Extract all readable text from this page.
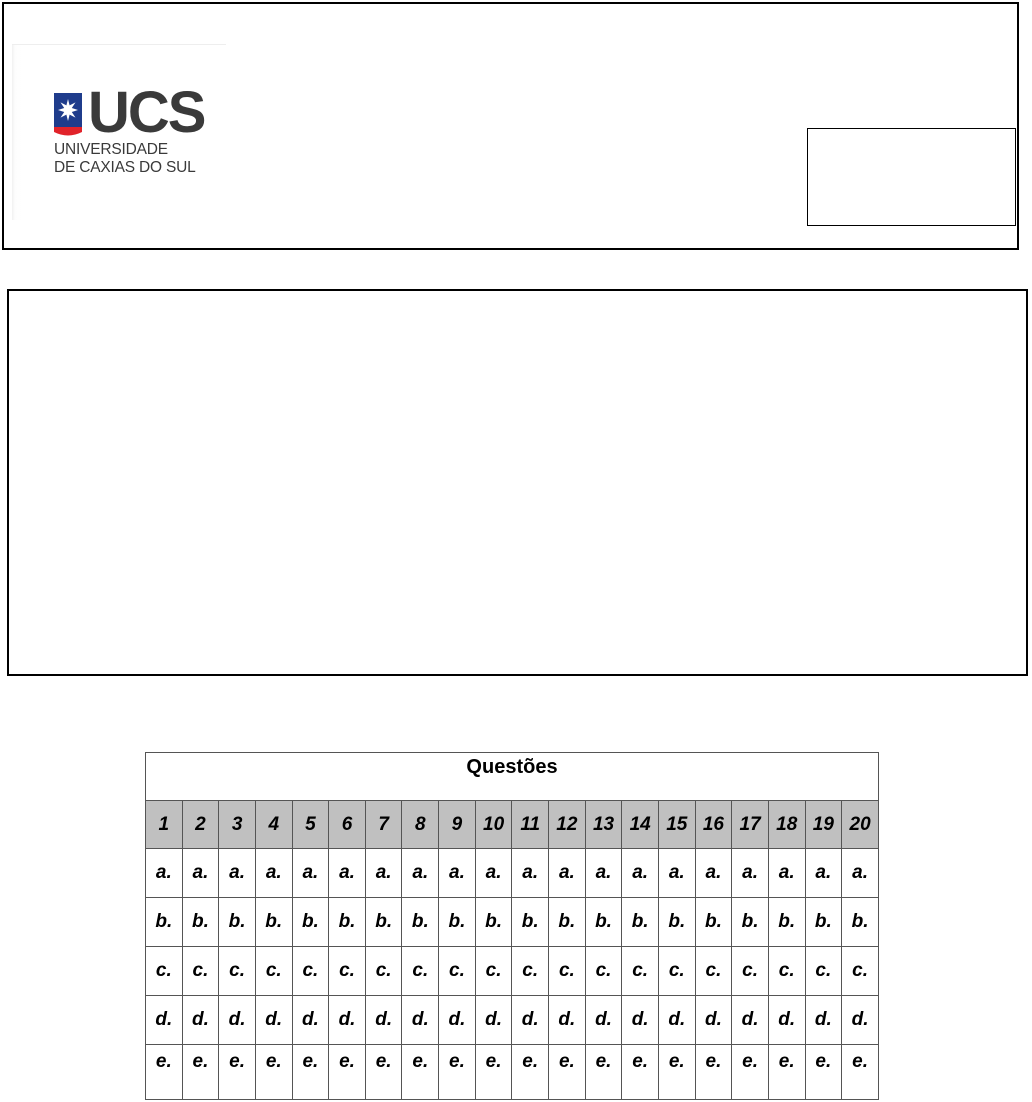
UCS
UNIVERSIDADE
DE CAXIAS DO SUL
Questões																			
1	2	3	4	5	6	7	8	9	10	11	12	13	14	15	16	17	18	19	20
a.	a.	a.	a.	a.	a.	a.	a.	a.	a.	a.	a.	a.	a.	a.	a.	a.	a.	a.	a.
b.	b.	b.	b.	b.	b.	b.	b.	b.	b.	b.	b.	b.	b.	b.	b.	b.	b.	b.	b.
c.	c.	c.	c.	c.	c.	c.	c.	c.	c.	c.	c.	c.	c.	c.	c.	c.	c.	c.	c.
d.	d.	d.	d.	d.	d.	d.	d.	d.	d.	d.	d.	d.	d.	d.	d.	d.	d.	d.	d.
e.	e.	e.	e.	e.	e.	e.	e.	e.	e.	e.	e.	e.	e.	e.	e.	e.	e.	e.	e.
